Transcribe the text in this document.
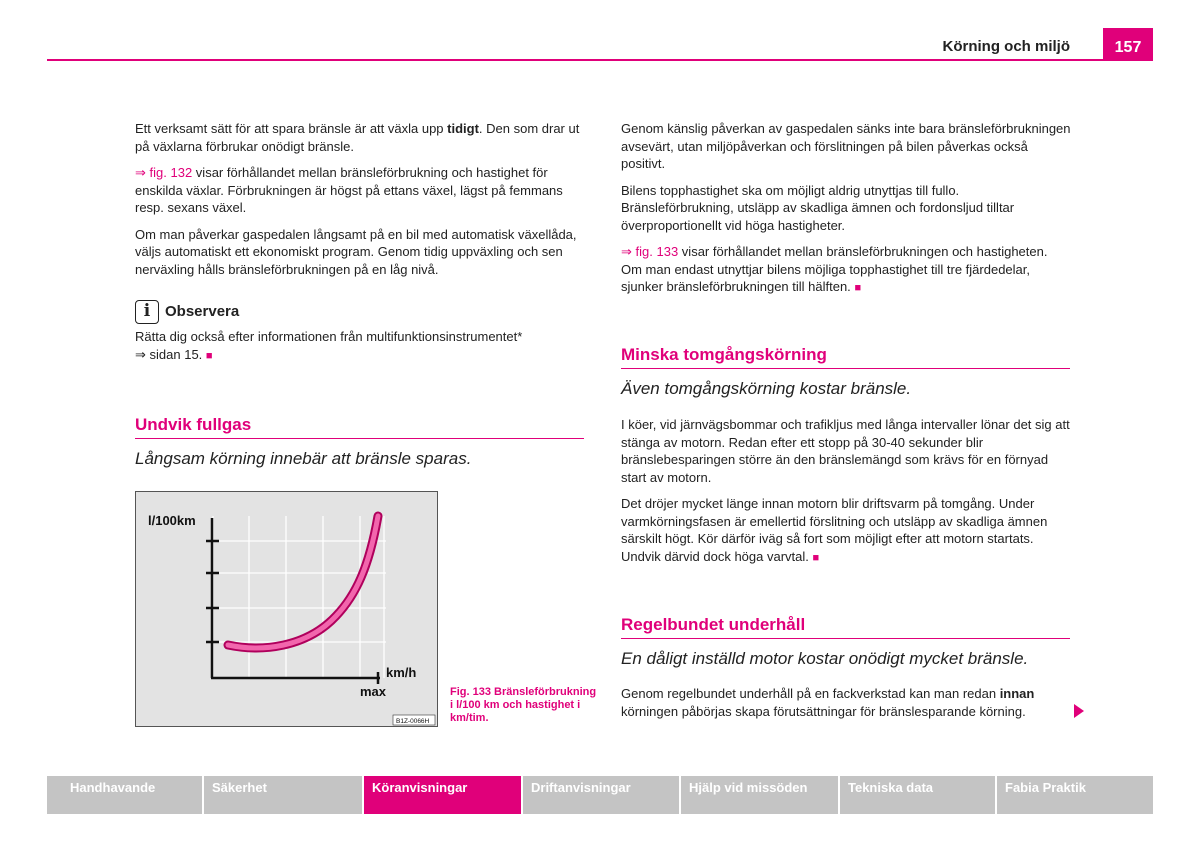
Körning och miljö	157

Ett verksamt sätt för att spara bränsle är att växla upp tidigt. Den som drar ut på växlarna förbrukar onödigt bränsle.

⇒ fig. 132 visar förhållandet mellan bränsleförbrukning och hastighet för enskilda växlar. Förbrukningen är högst på ettans växel, lägst på femmans resp. sexans växel.

Om man påverkar gaspedalen långsamt på en bil med automatisk växellåda, väljs automatiskt ett ekonomiskt program. Genom tidig uppväxling och sen nerväxling hålls bränsleförbrukningen på en låg nivå.

i Observera
Rätta dig också efter informationen från multifunktionsinstrumentet*
⇒ sidan 15. ■
Undvik fullgas
Långsam körning innebär att bränsle sparas.
l/100km
km/h
max
B1Z-0066H
Fig. 133 Bränsleförbrukning i l/100 km och hastighet i km/tim.

Genom känslig påverkan av gaspedalen sänks inte bara bränsleförbrukningen avsevärt, utan miljöpåverkan och förslitningen på bilen påverkas också positivt.

Bilens topphastighet ska om möjligt aldrig utnyttjas till fullo. Bränsleförbrukning, utsläpp av skadliga ämnen och fordonsljud tilltar överproportionellt vid höga hastigheter.

⇒ fig. 133 visar förhållandet mellan bränsleförbrukningen och hastigheten. Om man endast utnyttjar bilens möjliga topphastighet till tre fjärdedelar, sjunker bränsleförbrukningen till hälften. ■

Minska tomgångskörning
Även tomgångskörning kostar bränsle.

I köer, vid järnvägsbommar och trafikljus med långa intervaller lönar det sig att stänga av motorn. Redan efter ett stopp på 30-40 sekunder blir bränslebesparingen större än den bränslemängd som krävs för en förnyad start av motorn.

Det dröjer mycket länge innan motorn blir driftsvarm på tomgång. Under varmkörningsfasen är emellertid förslitning och utsläpp av skadliga ämnen särskilt högt. Kör därför iväg så fort som möjligt efter att motorn startats. Undvik därvid dock höga varvtal. ■

Regelbundet underhåll
En dåligt inställd motor kostar onödigt mycket bränsle.

Genom regelbundet underhåll på en fackverkstad kan man redan innan körningen påbörjas skapa förutsättningar för bränslesparande körning.

Handhavande	Säkerhet	Köranvisningar	Driftanvisningar	Hjälp vid missöden	Tekniska data	Fabia Praktik
